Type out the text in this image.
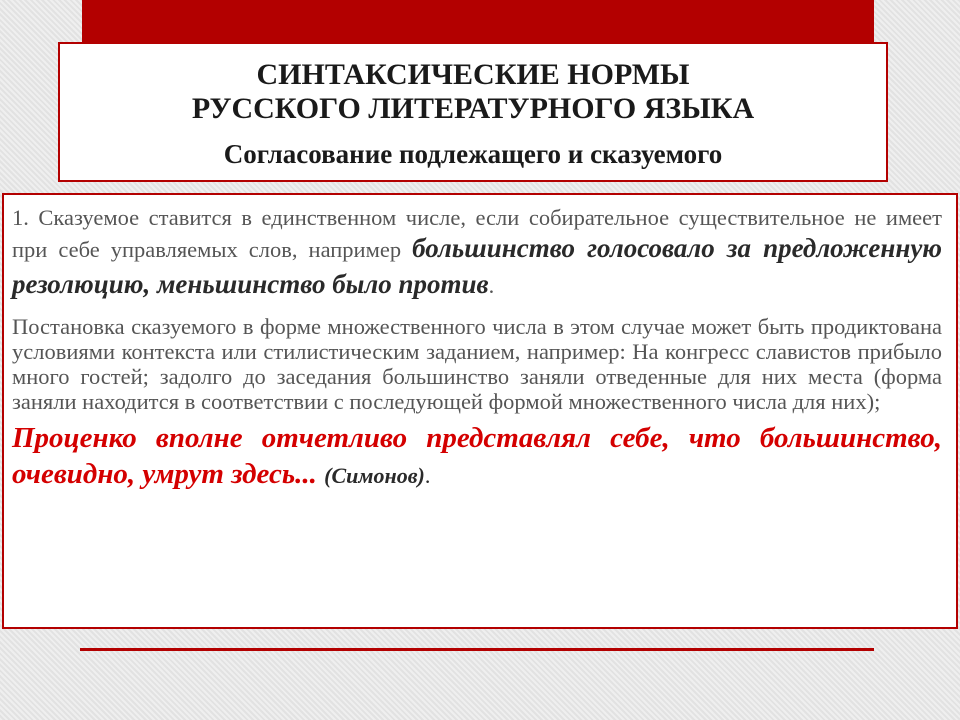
СИНТАКСИЧЕСКИЕ НОРМЫ
РУССКОГО ЛИТЕРАТУРНОГО ЯЗЫКА
Согласование подлежащего и сказуемого

1. Сказуемое ставится в единственном числе, если собирательное существительное не имеет при себе управляемых слов, например большинство голосовало за предложенную резолюцию, меньшинство было против.

Постановка сказуемого в форме множественного числа в этом случае может быть продиктована условиями контекста или стилистическим заданием, например: На конгресс славистов прибыло много гостей; задолго до заседания большинство заняли отведенные для них места (форма заняли находится в соответствии с последующей формой множественного числа для них);

Проценко вполне отчетливо представлял себе, что большинство, очевидно, умрут здесь... (Симонов).
